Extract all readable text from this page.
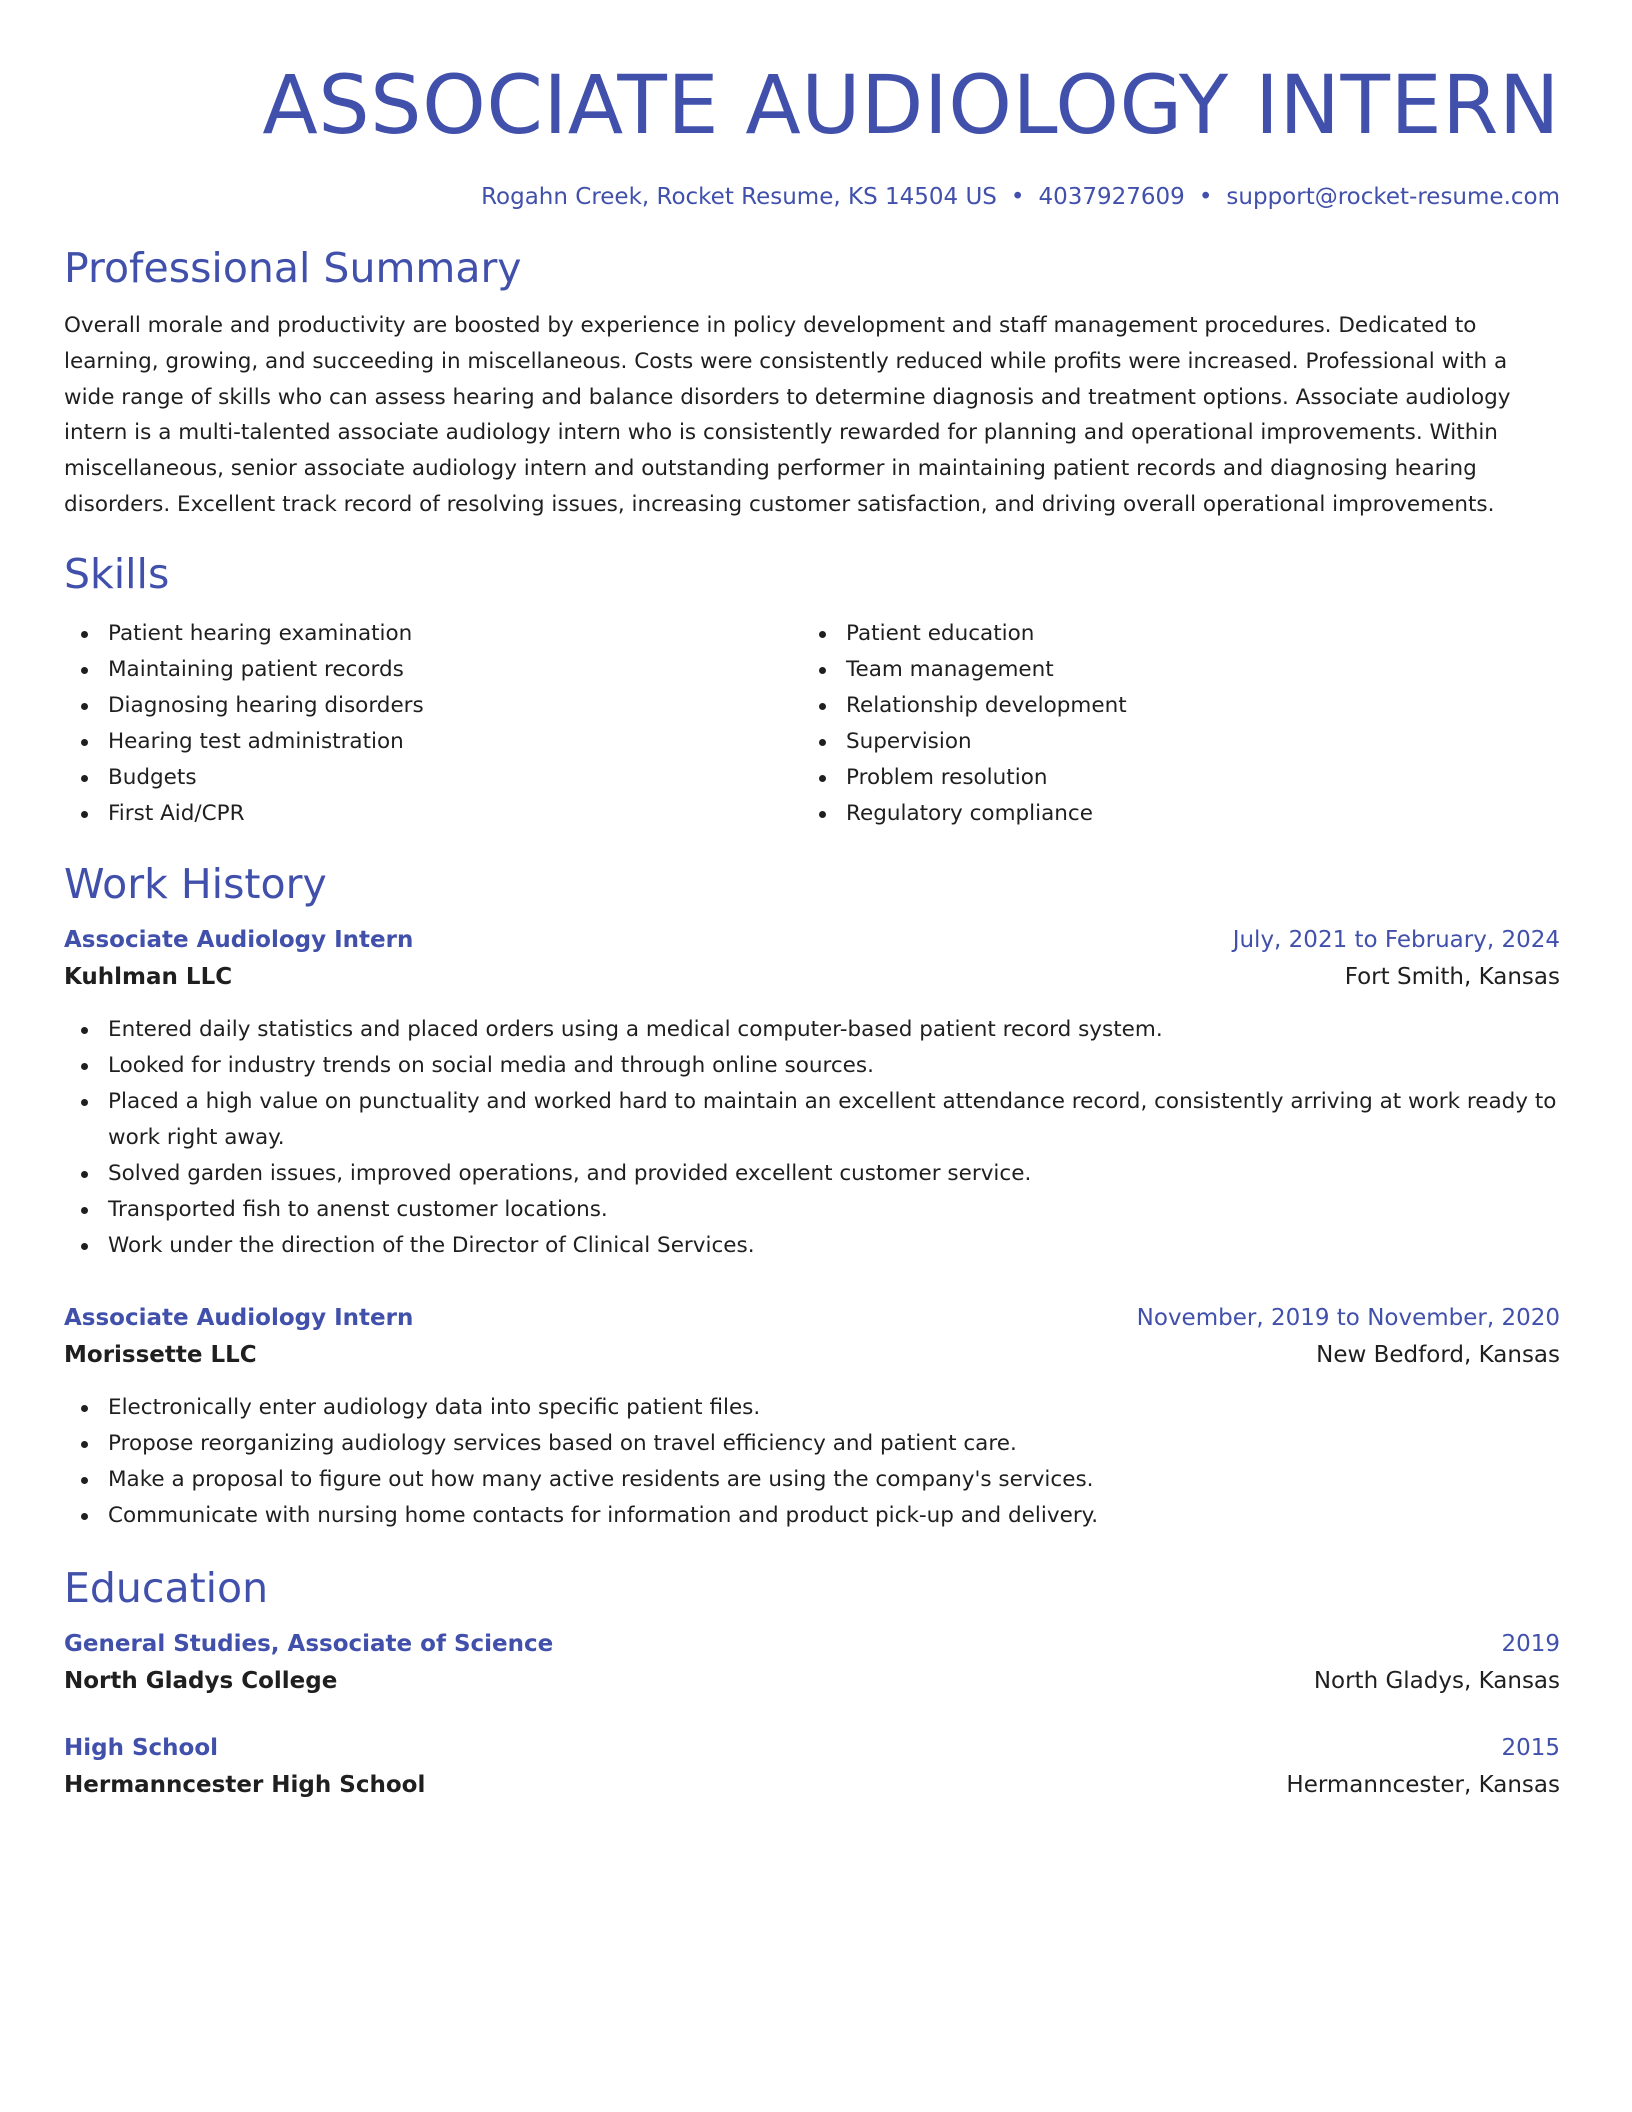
ASSOCIATE AUDIOLOGY INTERN
Rogahn Creek, Rocket Resume, KS 14504 US • 4037927609 • support@rocket-resume.com
Professional Summary

Overall morale and productivity are boosted by experience in policy development and staff management procedures. Dedicated to learning, growing, and succeeding in miscellaneous. Costs were consistently reduced while profits were increased. Professional with a wide range of skills who can assess hearing and balance disorders to determine diagnosis and treatment options. Associate audiology intern is a multi-talented associate audiology intern who is consistently rewarded for planning and operational improvements. Within miscellaneous, senior associate audiology intern and outstanding performer in maintaining patient records and diagnosing hearing disorders. Excellent track record of resolving issues, increasing customer satisfaction, and driving overall operational improvements.

Skills
Patient hearing examination
Maintaining patient records
Diagnosing hearing disorders
Hearing test administration
Budgets
First Aid/CPR
Patient education
Team management
Relationship development
Supervision
Problem resolution
Regulatory compliance
Work History
Associate Audiology Intern	July, 2021 to February, 2024
Kuhlman LLC	Fort Smith, Kansas
Entered daily statistics and placed orders using a medical computer-based patient record system.
Looked for industry trends on social media and through online sources.
Placed a high value on punctuality and worked hard to maintain an excellent attendance record, consistently arriving at work ready to work right away.
Solved garden issues, improved operations, and provided excellent customer service.
Transported fish to anenst customer locations.
Work under the direction of the Director of Clinical Services.
Associate Audiology Intern	November, 2019 to November, 2020
Morissette LLC	New Bedford, Kansas
Electronically enter audiology data into specific patient files.
Propose reorganizing audiology services based on travel efficiency and patient care.
Make a proposal to figure out how many active residents are using the company's services.
Communicate with nursing home contacts for information and product pick-up and delivery.
Education
General Studies, Associate of Science	2019
North Gladys College	North Gladys, Kansas
High School	2015
Hermanncester High School	Hermanncester, Kansas
